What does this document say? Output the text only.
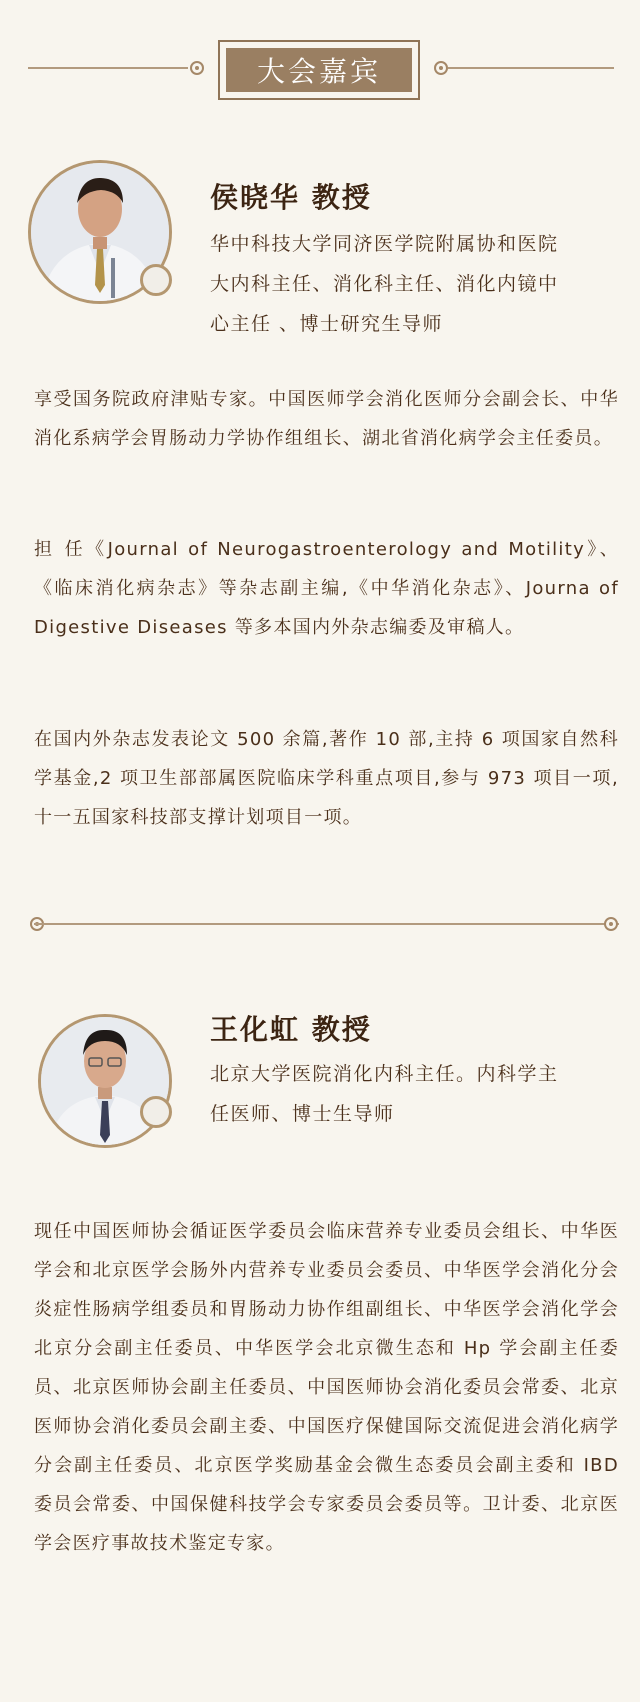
大会嘉宾
侯晓华 教授
华中科技大学同济医学院附属协和医院
大内科主任、消化科主任、消化内镜中
心主任 、博士研究生导师

享受国务院政府津贴专家。中国医师学会消化医师分会副会长、中华消化系病学会胃肠动力学协作组组长、湖北省消化病学会主任委员。

担 任《Journal of Neurogastroenterology and Motility》、《临床消化病杂志》等杂志副主编,《中华消化杂志》、Journa of Digestive Diseases 等多本国内外杂志编委及审稿人。

在国内外杂志发表论文 500 余篇,著作 10 部,主持 6 项国家自然科学基金,2 项卫生部部属医院临床学科重点项目,参与 973 项目一项,十一五国家科技部支撑计划项目一项。

王化虹 教授
北京大学医院消化内科主任。内科学主
任医师、博士生导师

现任中国医师协会循证医学委员会临床营养专业委员会组长、中华医学会和北京医学会肠外内营养专业委员会委员、中华医学会消化分会炎症性肠病学组委员和胃肠动力协作组副组长、中华医学会消化学会北京分会副主任委员、中华医学会北京微生态和 Hp 学会副主任委员、北京医师协会副主任委员、中国医师协会消化委员会常委、北京医师协会消化委员会副主委、中国医疗保健国际交流促进会消化病学分会副主任委员、北京医学奖励基金会微生态委员会副主委和 IBD 委员会常委、中国保健科技学会专家委员会委员等。卫计委、北京医学会医疗事故技术鉴定专家。
